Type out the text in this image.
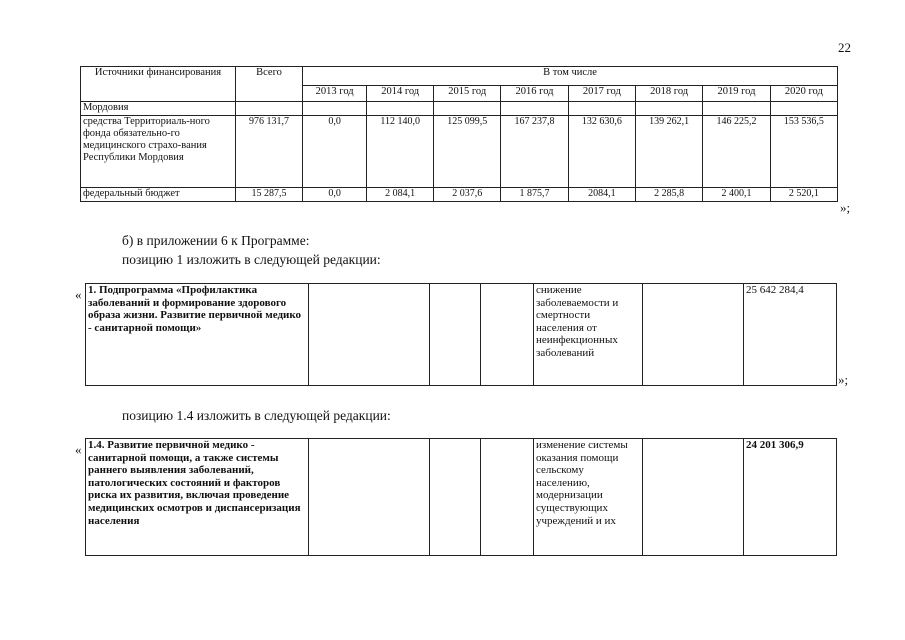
22
Источники финансирования	Всего	В том числе							
		2013 год	2014 год	2015 год	2016 год	2017 год	2018 год	2019 год	2020 год
Мордовия									
средства Территориаль-ного фонда обязательно-го медицинского страхо-вания Республики Мордовия	976 131,7	0,0	112 140,0	125 099,5	167 237,8	132 630,6	139 262,1	146 225,2	153 536,5
федеральный бюджет	15 287,5	0,0	2 084,1	2 037,6	1 875,7	2084,1	2 285,8	2 400,1	2 520,1
»;
б) в приложении 6 к Программе:
позицию 1 изложить в следующей редакции:
« 1. Подпрограмма «Профилактика заболеваний и формирование здорового образа жизни. Развитие первичной медико - санитарной помощи»				снижение заболеваемости и смертности населения от неинфекционных заболеваний		25 642 284,4
»;
позицию 1.4 изложить в следующей редакции:
« 1.4. Развитие первичной медико - санитарной помощи, а также системы раннего выявления заболеваний, патологических состояний и факторов риска их развития, включая проведение медицинских осмотров и диспансеризация населения				изменение системы оказания помощи сельскому населению, модернизации существующих учреждений и их		24 201 306,9
